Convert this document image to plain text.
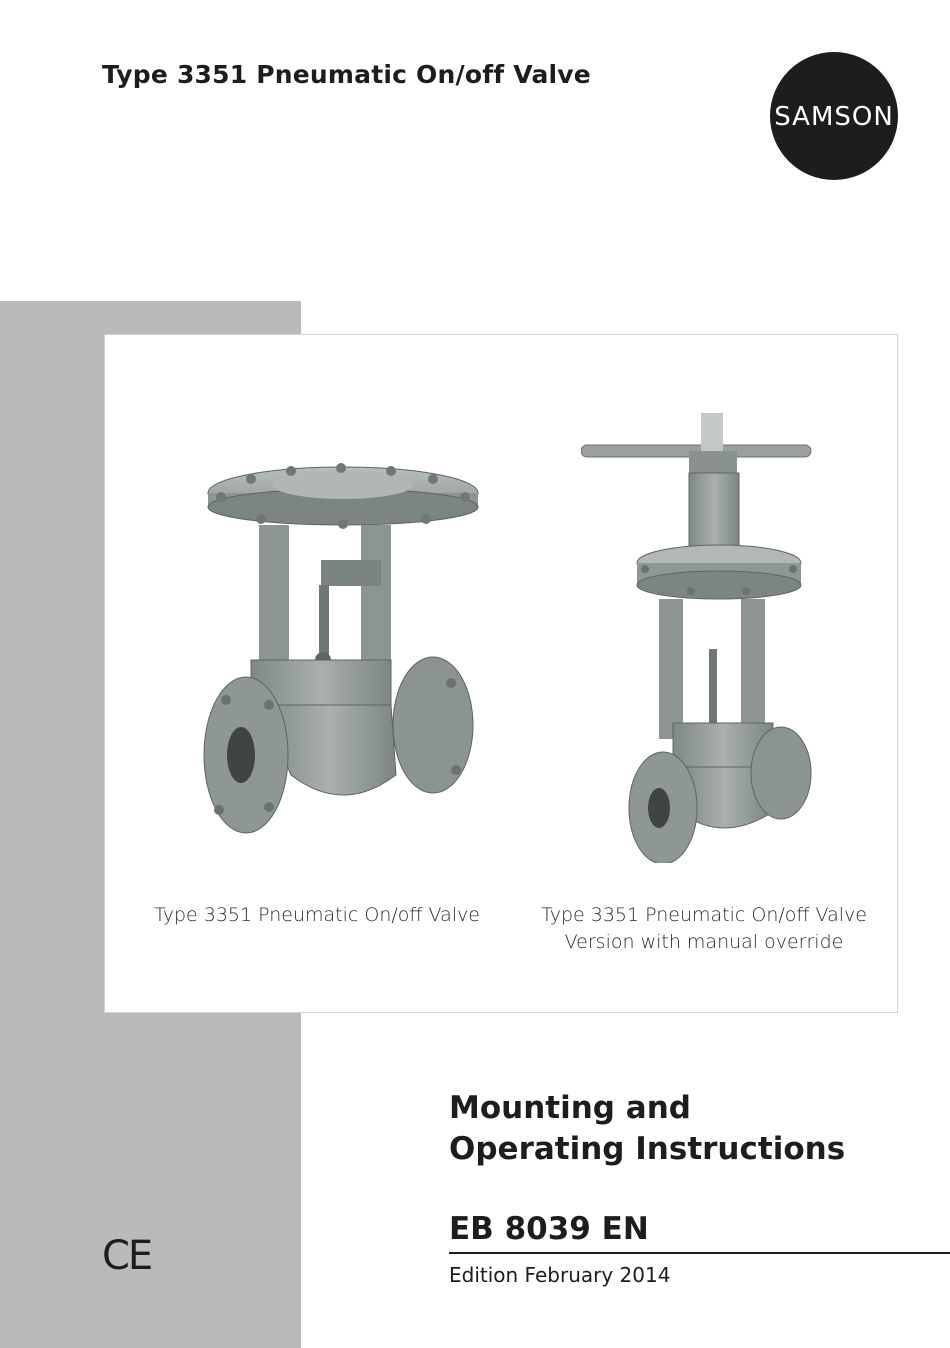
Type 3351 Pneumatic On/off Valve
SAMSON
Type 3351 Pneumatic On/off Valve	Type 3351 Pneumatic On/off Valve
Version with manual override
Mounting and
Operating Instructions
EB 8039 EN
Edition February 2014
CE
